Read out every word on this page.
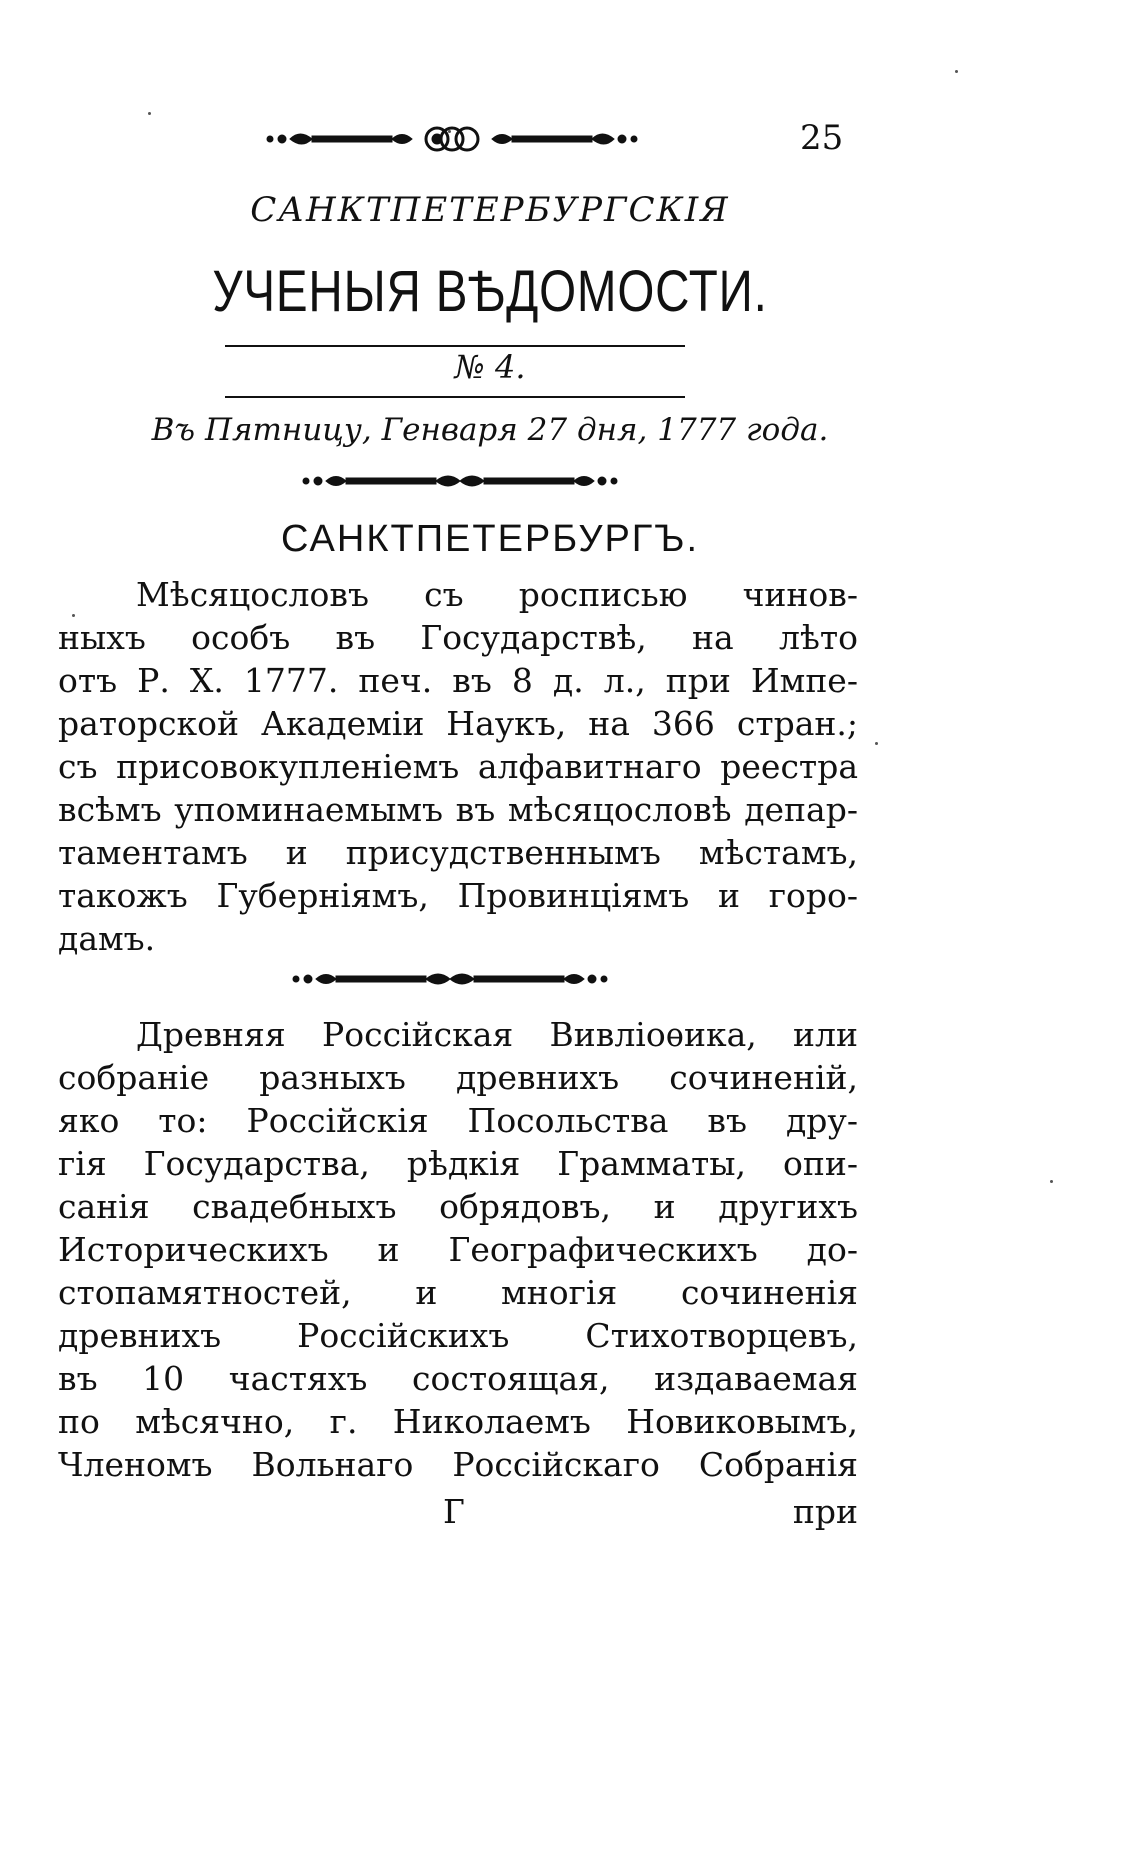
25
САНКТПЕТЕРБУРГСКІЯ
УЧЕНЫЯ ВѢДОМОСТИ.
№ 4.
Въ Пятницу, Генваря 27 дня, 1777 года.
САНКТПЕТЕРБУРГЪ.
Мѣсяцословъ съ росписью чинов-
ныхъ особъ въ Государствѣ, на лѣто
отъ Р. Х. 1777. печ. въ 8 д. л., при Импе-
раторской Академіи Наукъ, на 366 стран.;
съ присовокупленіемъ алфавитнаго реестра
всѣмъ упоминаемымъ въ мѣсяцословѣ депар-
таментамъ и присудственнымъ мѣстамъ,
такожъ Губерніямъ, Провинціямъ и горо-
дамъ.
Древняя Россійская Вивліоѳика, или
собраніе разныхъ древнихъ сочиненій,
яко то: Россійскія Посольства въ дру-
гія Государства, рѣдкія Грамматы, опи-
санія свадебныхъ обрядовъ, и другихъ
Историческихъ и Географическихъ до-
стопамятностей, и многія сочиненія
древнихъ Россійскихъ Стихотворцевъ,
въ 10 частяхъ состоящая, издаваемая
по мѣсячно, г. Николаемъ Новиковымъ,
Членомъ Вольнаго Россійскаго Собранія
Г	при
